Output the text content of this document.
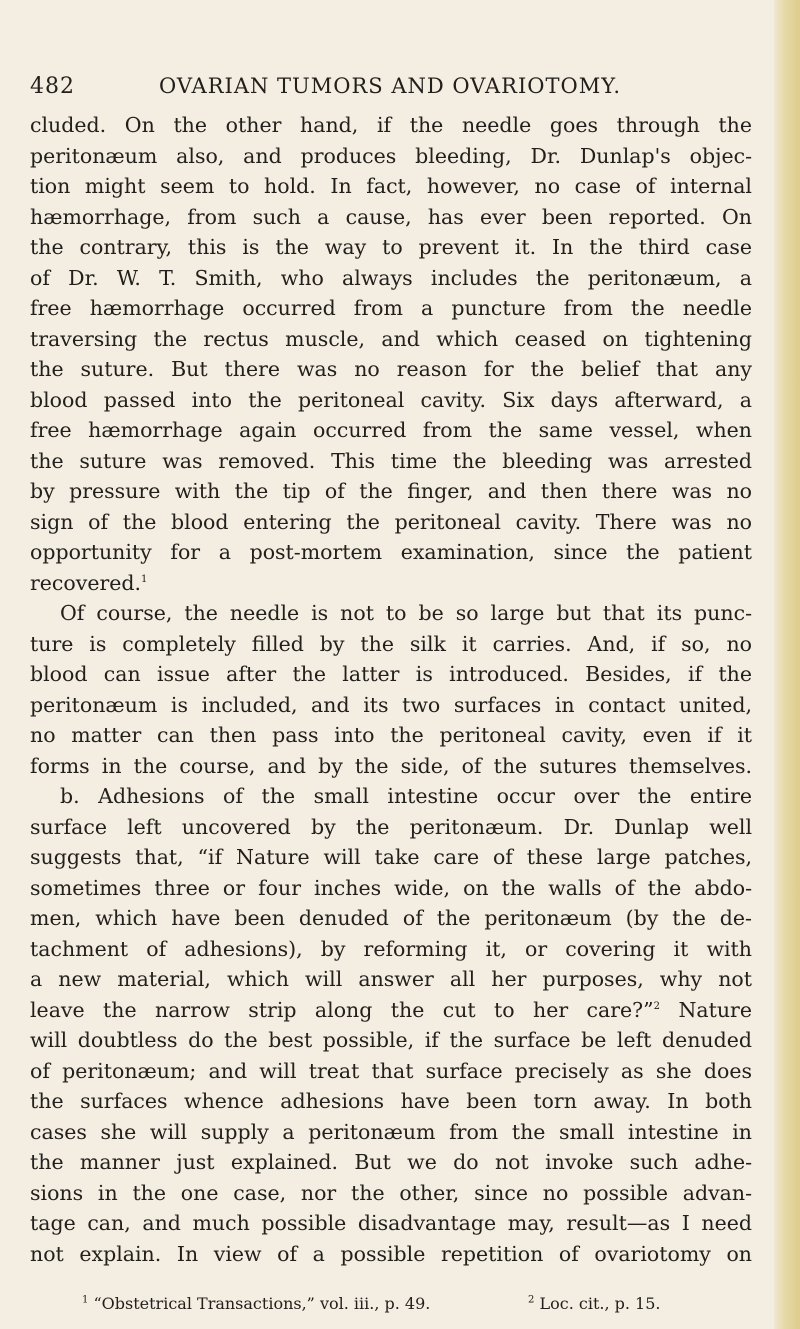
482	OVARIAN TUMORS AND OVARIOTOMY.
cluded. On the other hand, if the needle goes through the
peritonæum also, and produces bleeding, Dr. Dunlap's objec-
tion might seem to hold. In fact, however, no case of internal
hæmorrhage, from such a cause, has ever been reported. On
the contrary, this is the way to prevent it. In the third case
of Dr. W. T. Smith, who always includes the peritonæum, a
free hæmorrhage occurred from a puncture from the needle
traversing the rectus muscle, and which ceased on tightening
the suture. But there was no reason for the belief that any
blood passed into the peritoneal cavity. Six days afterward, a
free hæmorrhage again occurred from the same vessel, when
the suture was removed. This time the bleeding was arrested
by pressure with the tip of the finger, and then there was no
sign of the blood entering the peritoneal cavity. There was no
opportunity for a post-mortem examination, since the patient
recovered.$^1$
Of course, the needle is not to be so large but that its punc-
ture is completely filled by the silk it carries. And, if so, no
blood can issue after the latter is introduced. Besides, if the
peritonæum is included, and its two surfaces in contact united,
no matter can then pass into the peritoneal cavity, even if it
forms in the course, and by the side, of the sutures themselves.
b. Adhesions of the small intestine occur over the entire
surface left uncovered by the peritonæum. Dr. Dunlap well
suggests that, “if Nature will take care of these large patches,
sometimes three or four inches wide, on the walls of the abdo-
men, which have been denuded of the peritonæum (by the de-
tachment of adhesions), by reforming it, or covering it with
a new material, which will answer all her purposes, why not
leave the narrow strip along the cut to her care?”$^2$ Nature
will doubtless do the best possible, if the surface be left denuded
of peritonæum; and will treat that surface precisely as she does
the surfaces whence adhesions have been torn away. In both
cases she will supply a peritonæum from the small intestine in
the manner just explained. But we do not invoke such adhe-
sions in the one case, nor the other, since no possible advan-
tage can, and much possible disadvantage may, result—as I need
not explain. In view of a possible repetition of ovariotomy on
$^1$ “Obstetrical Transactions,” vol. iii., p. 49.	$^2$ Loc. cit., p. 15.
